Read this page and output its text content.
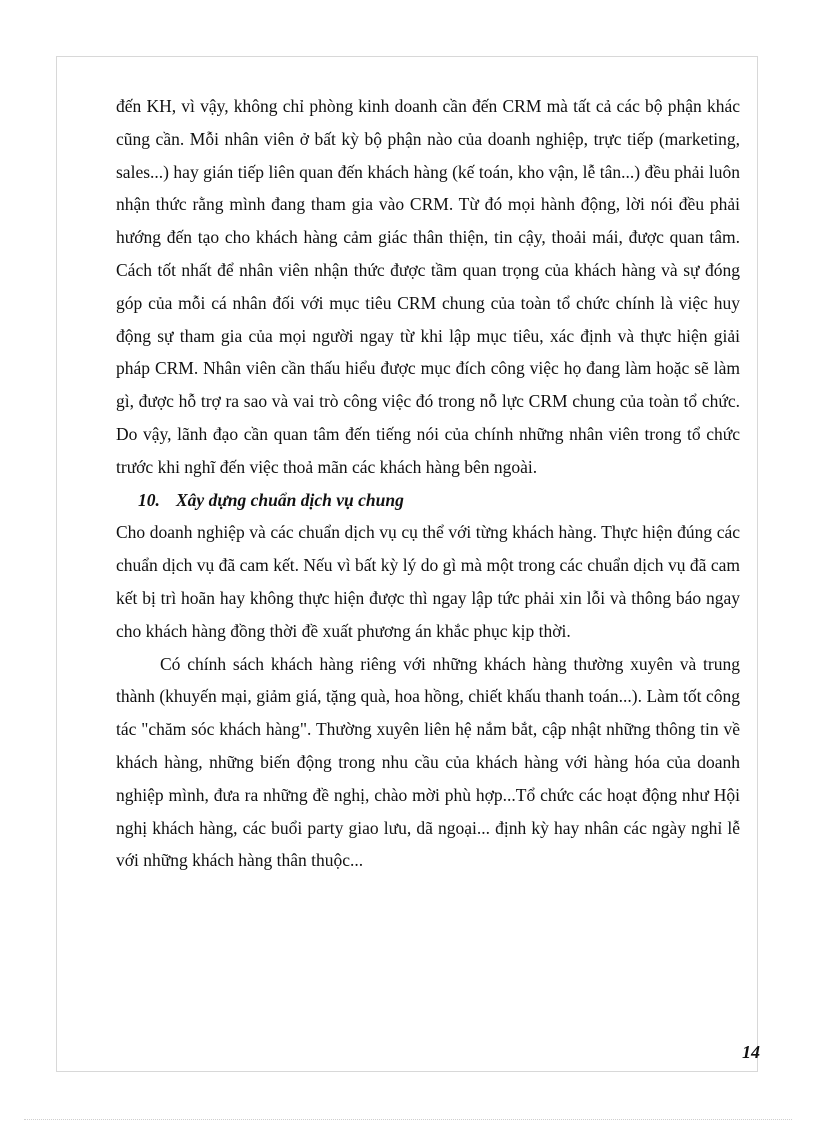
đến KH, vì vậy, không chỉ phòng kinh doanh cần đến CRM mà tất cả các bộ phận khác cũng cần. Mỗi nhân viên ở bất kỳ bộ phận nào của doanh nghiệp, trực tiếp (marketing, sales...) hay gián tiếp liên quan đến khách hàng (kế toán, kho vận, lễ tân...) đều phải luôn nhận thức rằng mình đang tham gia vào CRM. Từ đó mọi hành động, lời nói đều phải hướng đến tạo cho khách hàng cảm giác thân thiện, tin cậy, thoải mái, được quan tâm. Cách tốt nhất để nhân viên nhận thức được tầm quan trọng của khách hàng và sự đóng góp của mỗi cá nhân đối với mục tiêu CRM chung của toàn tổ chức chính là việc huy động sự tham gia của mọi người ngay từ khi lập mục tiêu, xác định và thực hiện giải pháp CRM. Nhân viên cần thấu hiểu được mục đích công việc họ đang làm hoặc sẽ làm gì, được hỗ trợ ra sao và vai trò công việc đó trong nỗ lực CRM chung của toàn tổ chức. Do vậy, lãnh đạo cần quan tâm đến tiếng nói của chính những nhân viên trong tổ chức trước khi nghĩ đến việc thoả mãn các khách hàng bên ngoài.

10. Xây dựng chuẩn dịch vụ chung

Cho doanh nghiệp và các chuẩn dịch vụ cụ thể với từng khách hàng. Thực hiện đúng các chuẩn dịch vụ đã cam kết. Nếu vì bất kỳ lý do gì mà một trong các chuẩn dịch vụ đã cam kết bị trì hoãn hay không thực hiện được thì ngay lập tức phải xin lỗi và thông báo ngay cho khách hàng đồng thời đề xuất phương án khắc phục kịp thời.

Có chính sách khách hàng riêng với những khách hàng thường xuyên và trung thành (khuyến mại, giảm giá, tặng quà, hoa hồng, chiết khấu thanh toán...). Làm tốt công tác "chăm sóc khách hàng". Thường xuyên liên hệ nắm bắt, cập nhật những thông tin về khách hàng, những biến động trong nhu cầu của khách hàng với hàng hóa của doanh nghiệp mình, đưa ra những đề nghị, chào mời phù hợp...Tổ chức các hoạt động như Hội nghị khách hàng, các buổi party giao lưu, dã ngoại... định kỳ hay nhân các ngày nghỉ lễ với những khách hàng thân thuộc...

14
